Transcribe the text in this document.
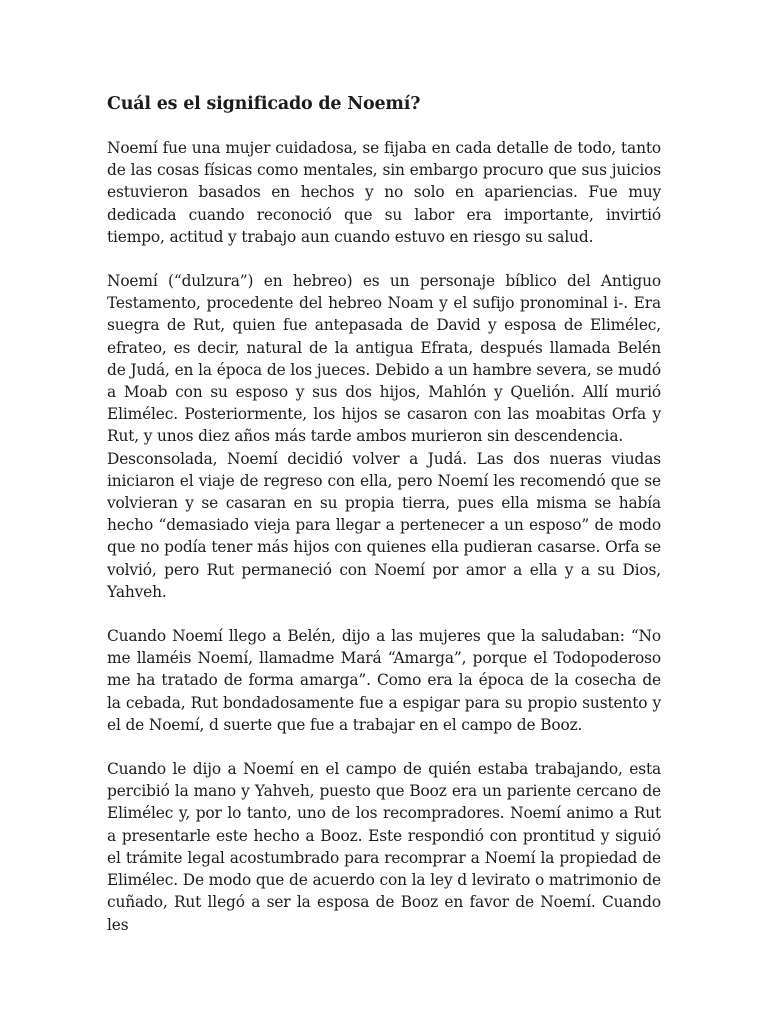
Cuál es el significado de Noemí?

Noemí fue una mujer cuidadosa, se fijaba en cada detalle de todo, tanto de las cosas físicas como mentales, sin embargo procuro que sus juicios estuvieron basados en hechos y no solo en apariencias. Fue muy dedicada cuando reconoció que su labor era importante, invirtió tiempo, actitud y trabajo aun cuando estuvo en riesgo su salud.

Noemí (“dulzura”) en hebreo) es un personaje bíblico del Antiguo Testamento, procedente del hebreo Noam y el sufijo pronominal i-. Era suegra de Rut, quien fue antepasada de David y esposa de Elimélec, efrateo, es decir, natural de la antigua Efrata, después llamada Belén de Judá, en la época de los jueces. Debido a un hambre severa, se mudó a Moab con su esposo y sus dos hijos, Mahlón y Quelión. Allí murió Elimélec. Posteriormente, los hijos se casaron con las moabitas Orfa y Rut, y unos diez años más tarde ambos murieron sin descendencia.

Desconsolada, Noemí decidió volver a Judá. Las dos nueras viudas iniciaron el viaje de regreso con ella, pero Noemí les recomendó que se volvieran y se casaran en su propia tierra, pues ella misma se había hecho “demasiado vieja para llegar a pertenecer a un esposo” de modo que no podía tener más hijos con quienes ella pudieran casarse. Orfa se volvió, pero Rut permaneció con Noemí por amor a ella y a su Dios, Yahveh.

Cuando Noemí llego a Belén, dijo a las mujeres que la saludaban: “No me llaméis Noemí, llamadme Mará “Amarga”, porque el Todopoderoso me ha tratado de forma amarga”. Como era la época de la cosecha de la cebada, Rut bondadosamente fue a espigar para su propio sustento y el de Noemí, d suerte que fue a trabajar en el campo de Booz.

Cuando le dijo a Noemí en el campo de quién estaba trabajando, esta percibió la mano y Yahveh, puesto que Booz era un pariente cercano de Elimélec y, por lo tanto, uno de los recompradores. Noemí animo a Rut a presentarle este hecho a Booz. Este respondió con prontitud y siguió el trámite legal acostumbrado para recomprar a Noemí la propiedad de Elimélec. De modo que de acuerdo con la ley d levirato o matrimonio de cuñado, Rut llegó a ser la esposa de Booz en favor de Noemí. Cuando les
